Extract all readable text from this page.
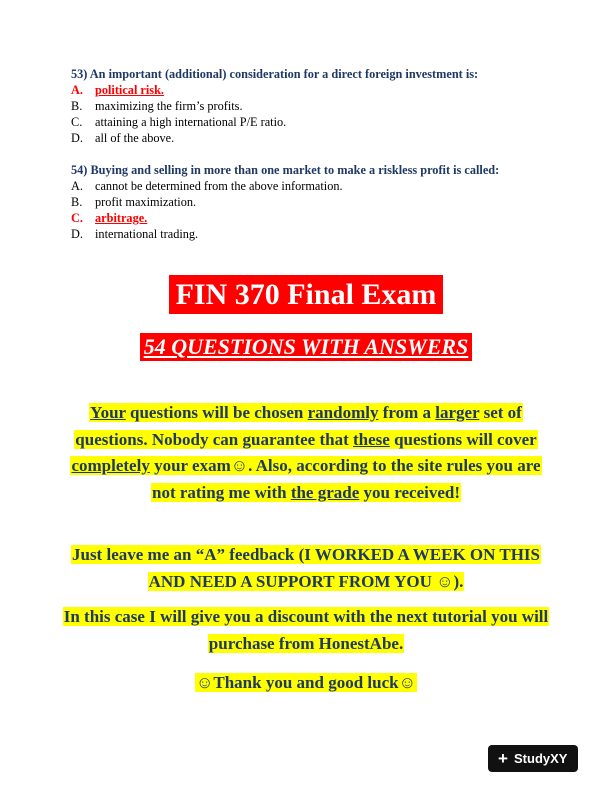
53) An important (additional) consideration for a direct foreign investment is:
A. political risk.
B. maximizing the firm’s profits.
C. attaining a high international P/E ratio.
D. all of the above.
54) Buying and selling in more than one market to make a riskless profit is called:
A. cannot be determined from the above information.
B. profit maximization.
C. arbitrage.
D. international trading.
FIN 370 Final Exam
54 QUESTIONS WITH ANSWERS
Your questions will be chosen randomly from a larger set of questions. Nobody can guarantee that these questions will cover completely your exam☺. Also, according to the site rules you are not rating me with the grade you received!
Just leave me an “A” feedback (I WORKED A WEEK ON THIS AND NEED A SUPPORT FROM YOU ☺).
In this case I will give you a discount with the next tutorial you will purchase from HonestAbe.
☺Thank you and good luck☺
+ StudyXY
